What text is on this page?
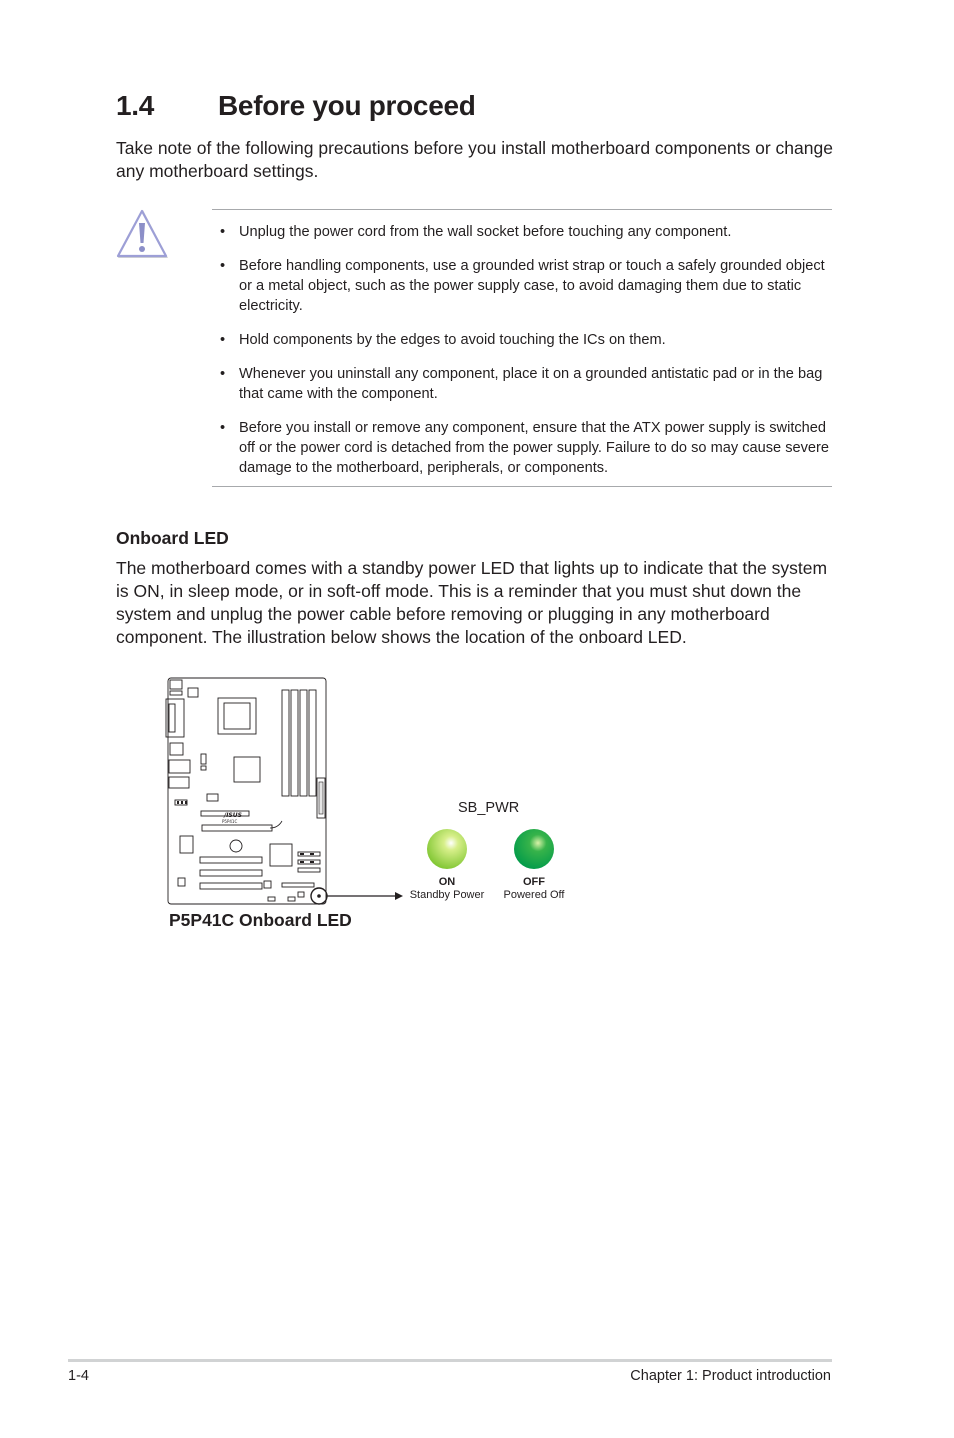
1.4 Before you proceed

Take note of the following precautions before you install motherboard components or change any motherboard settings.

• Unplug the power cord from the wall socket before touching any component.
• Before handling components, use a grounded wrist strap or touch a safely grounded object or a metal object, such as the power supply case, to avoid damaging them due to static electricity.
• Hold components by the edges to avoid touching the ICs on them.
• Whenever you uninstall any component, place it on a grounded antistatic pad or in the bag that came with the component.
• Before you install or remove any component, ensure that the ATX power supply is switched off or the power cord is detached from the power supply. Failure to do so may cause severe damage to the motherboard, peripherals, or components.
Onboard LED

The motherboard comes with a standby power LED that lights up to indicate that the system is ON, in sleep mode, or in soft-off mode. This is a reminder that you must shut down the system and unplug the power cable before removing or plugging in any motherboard component. The illustration below shows the location of the onboard LED.

/ISUS
P5P41C

P5P41C Onboard LED

SB_PWR

ON

Standby Power

OFF

Powered Off

1-4	Chapter 1: Product introduction
